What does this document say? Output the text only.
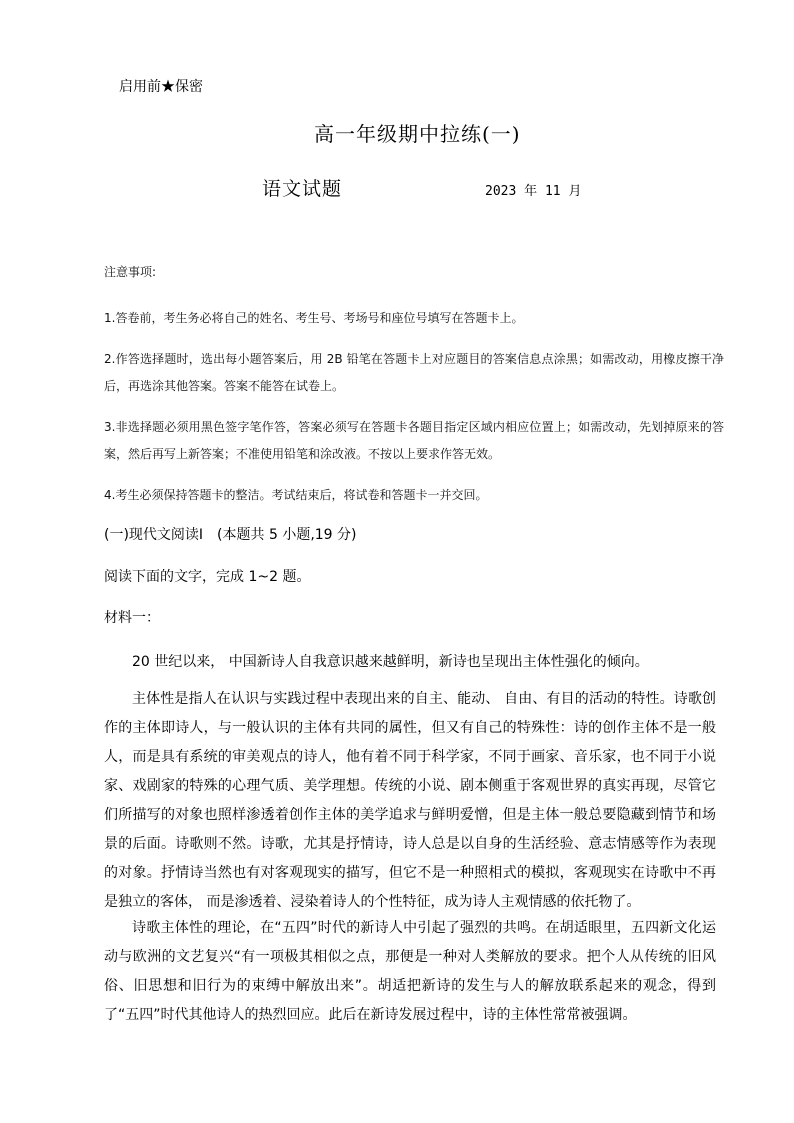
启用前★保密
高一年级期中拉练(一)
语文试题	2023 年 11 月
注意事项:
1.答卷前，考生务必将自己的姓名、考生号、考场号和座位号填写在答题卡上。
2.作答选择题时，选出每小题答案后，用 2B 铅笔在答题卡上对应题目的答案信息点涂黑；如需改动，用橡皮擦干净后，再选涂其他答案。答案不能答在试卷上。
3.非选择题必须用黑色签字笔作答，答案必须写在答题卡各题目指定区域内相应位置上；如需改动，先划掉原来的答案，然后再写上新答案；不准使用铅笔和涂改液。不按以上要求作答无效。
4.考生必须保持答题卡的整洁。考试结束后，将试卷和答题卡一并交回。
(一)现代文阅读Ⅰ　(本题共 5 小题,19 分)
阅读下面的文字，完成 1~2 题。
材料一：
20 世纪以来， 中国新诗人自我意识越来越鲜明，新诗也呈现出主体性强化的倾向。
主体性是指人在认识与实践过程中表现出来的自主、能动、 自由、有目的活动的特性。诗歌创作的主体即诗人，与一般认识的主体有共同的属性，但又有自己的特殊性：诗的创作主体不是一般人，而是具有系统的审美观点的诗人，他有着不同于科学家，不同于画家、音乐家，也不同于小说家、戏剧家的特殊的心理气质、美学理想。传统的小说、剧本侧重于客观世界的真实再现，尽管它们所描写的对象也照样渗透着创作主体的美学追求与鲜明爱憎，但是主体一般总要隐藏到情节和场景的后面。诗歌则不然。诗歌，尤其是抒情诗，诗人总是以自身的生活经验、意志情感等作为表现的对象。抒情诗当然也有对客观现实的描写，但它不是一种照相式的模拟，客观现实在诗歌中不再是独立的客体， 而是渗透着、浸染着诗人的个性特征，成为诗人主观情感的依托物了。
诗歌主体性的理论，在“五四”时代的新诗人中引起了强烈的共鸣。在胡适眼里，五四新文化运动与欧洲的文艺复兴“有一项极其相似之点，那便是一种对人类解放的要求。把个人从传统的旧风俗、旧思想和旧行为的束缚中解放出来”。胡适把新诗的发生与人的解放联系起来的观念，得到了“五四”时代其他诗人的热烈回应。此后在新诗发展过程中，诗的主体性常常被强调。
